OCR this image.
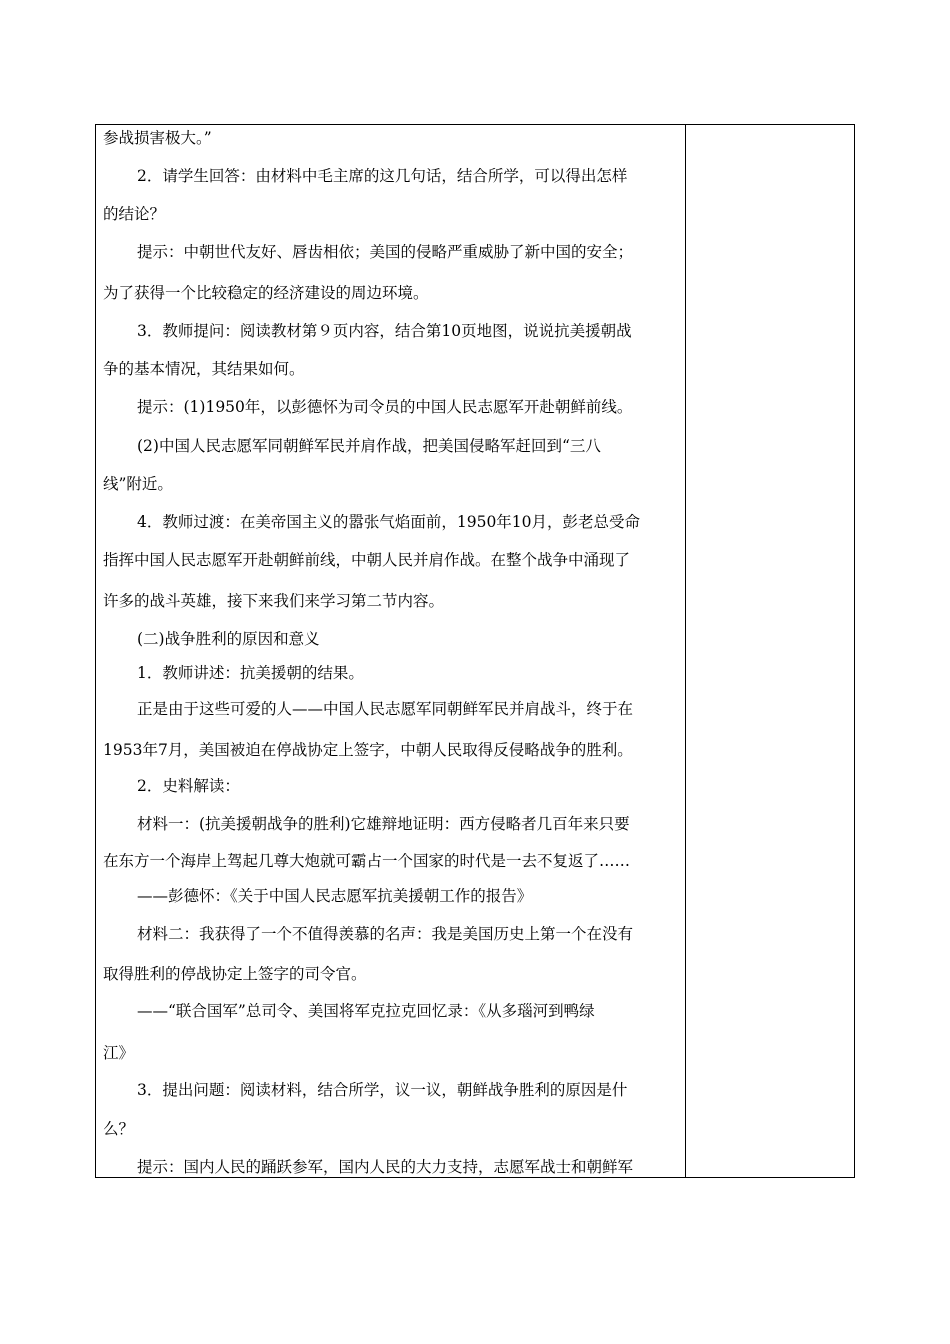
参战损害极大。”
2．请学生回答：由材料中毛主席的这几句话，结合所学，可以得出怎样
的结论？
提示：中朝世代友好、唇齿相依；美国的侵略严重威胁了新中国的安全；
为了获得一个比较稳定的经济建设的周边环境。
3．教师提问：阅读教材第９页内容，结合第10页地图，说说抗美援朝战
争的基本情况，其结果如何。
提示：(1)1950年，以彭德怀为司令员的中国人民志愿军开赴朝鲜前线。
(2)中国人民志愿军同朝鲜军民并肩作战，把美国侵略军赶回到“三八
线”附近。
4．教师过渡：在美帝国主义的嚣张气焰面前，1950年10月，彭老总受命
指挥中国人民志愿军开赴朝鲜前线，中朝人民并肩作战。在整个战争中涌现了
许多的战斗英雄，接下来我们来学习第二节内容。
(二)战争胜利的原因和意义
1．教师讲述：抗美援朝的结果。
正是由于这些可爱的人——中国人民志愿军同朝鲜军民并肩战斗，终于在
1953年7月，美国被迫在停战协定上签字，中朝人民取得反侵略战争的胜利。
2．史料解读：
材料一：(抗美援朝战争的胜利)它雄辩地证明：西方侵略者几百年来只要
在东方一个海岸上驾起几尊大炮就可霸占一个国家的时代是一去不复返了……
——彭德怀：《关于中国人民志愿军抗美援朝工作的报告》
材料二：我获得了一个不值得羡慕的名声：我是美国历史上第一个在没有
取得胜利的停战协定上签字的司令官。
——“联合国军”总司令、美国将军克拉克回忆录：《从多瑙河到鸭绿
江》
3．提出问题：阅读材料，结合所学，议一议，朝鲜战争胜利的原因是什
么？
提示：国内人民的踊跃参军，国内人民的大力支持，志愿军战士和朝鲜军
